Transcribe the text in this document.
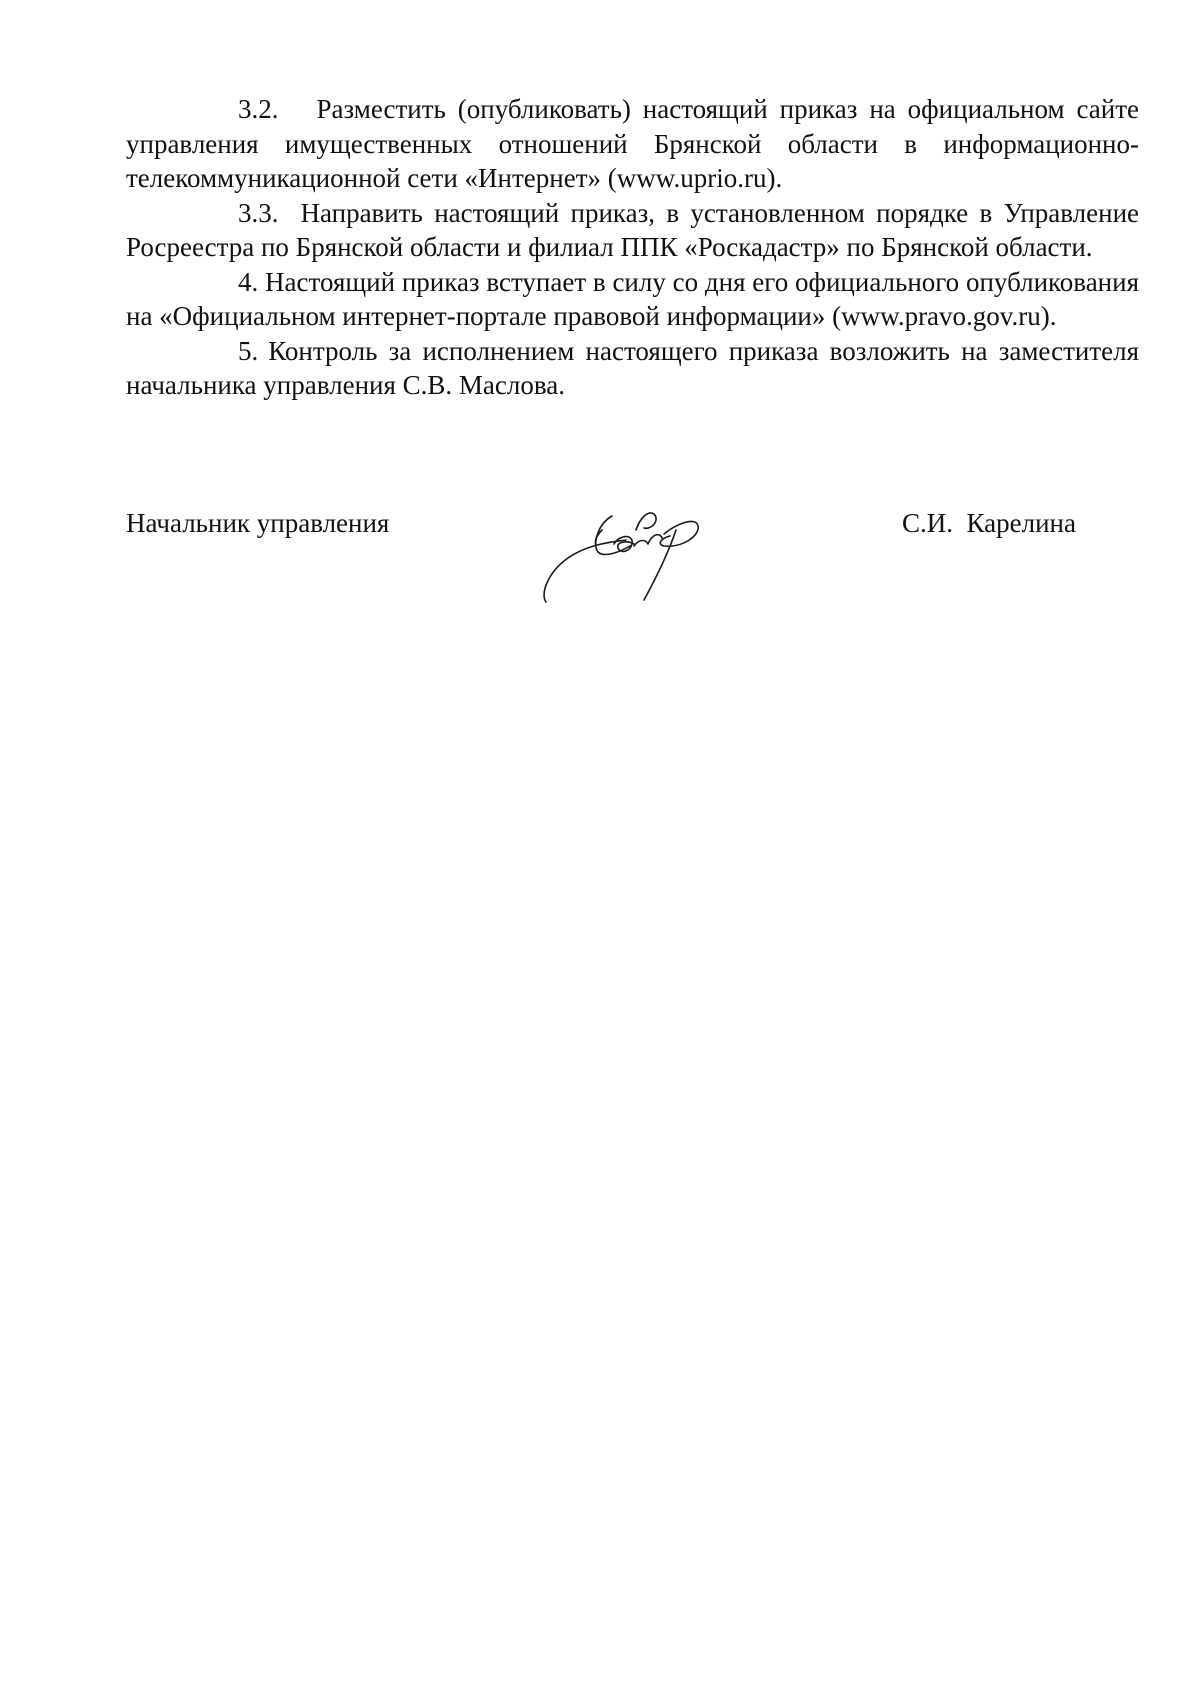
3.2. Разместить (опубликовать) настоящий приказ на официальном сайте управления имущественных отношений Брянской области в информационно-телекоммуникационной сети «Интернет» (www.uprio.ru).

3.3. Направить настоящий приказ, в установленном порядке в Управление Росреестра по Брянской области и филиал ППК «Роскадастр» по Брянской области.

4. Настоящий приказ вступает в силу со дня его официального опубликования на «Официальном интернет-портале правовой информации» (www.pravo.gov.ru).

5. Контроль за исполнением настоящего приказа возложить на заместителя начальника управления С.В. Маслова.

Начальник управления	С.И.  Карелина
